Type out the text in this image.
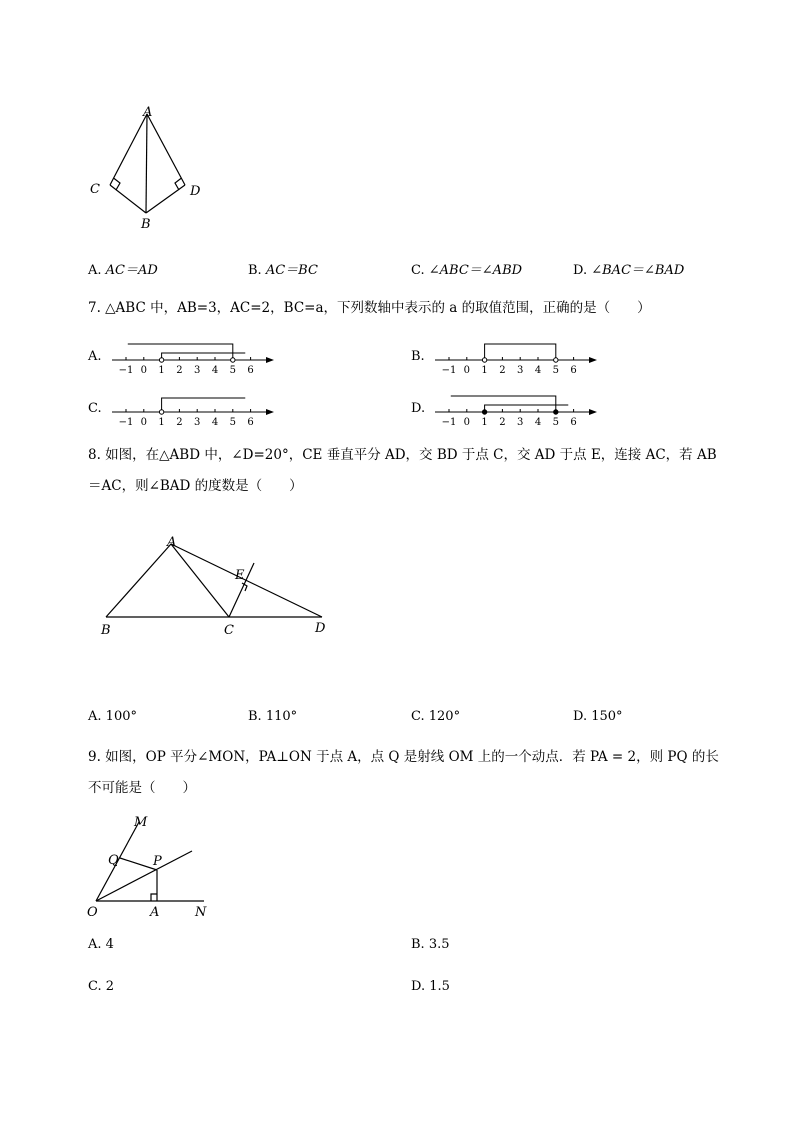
A
C	D
B
A. AC＝AD	B. AC＝BC	C. ∠ABC＝∠ABD	D. ∠BAC＝∠BAD
7. △ABC 中，AB=3，AC=2，BC=a，下列数轴中表示的 a 的取值范围，正确的是（　　）
A.
−1 0 1 2 3 4 5 6
B.
−1 0 1 2 3 4 5 6
C.
−1 0 1 2 3 4 5 6
D.
−1 0 1 2 3 4 5 6
8. 如图，在△ABD 中，∠D=20°，CE 垂直平分 AD，交 BD 于点 C，交 AD 于点 E，连接 AC，若 AB
＝AC，则∠BAD 的度数是（　　）
A
E
B	C	D
A. 100°	B. 110°	C. 120°	D. 150°
9. 如图，OP 平分∠MON，PA⊥ON 于点 A，点 Q 是射线 OM 上的一个动点．若 PA = 2，则 PQ 的长
不可能是（　　）
M
Q	P
O	A	N
A. 4	B. 3.5
C. 2	D. 1.5
